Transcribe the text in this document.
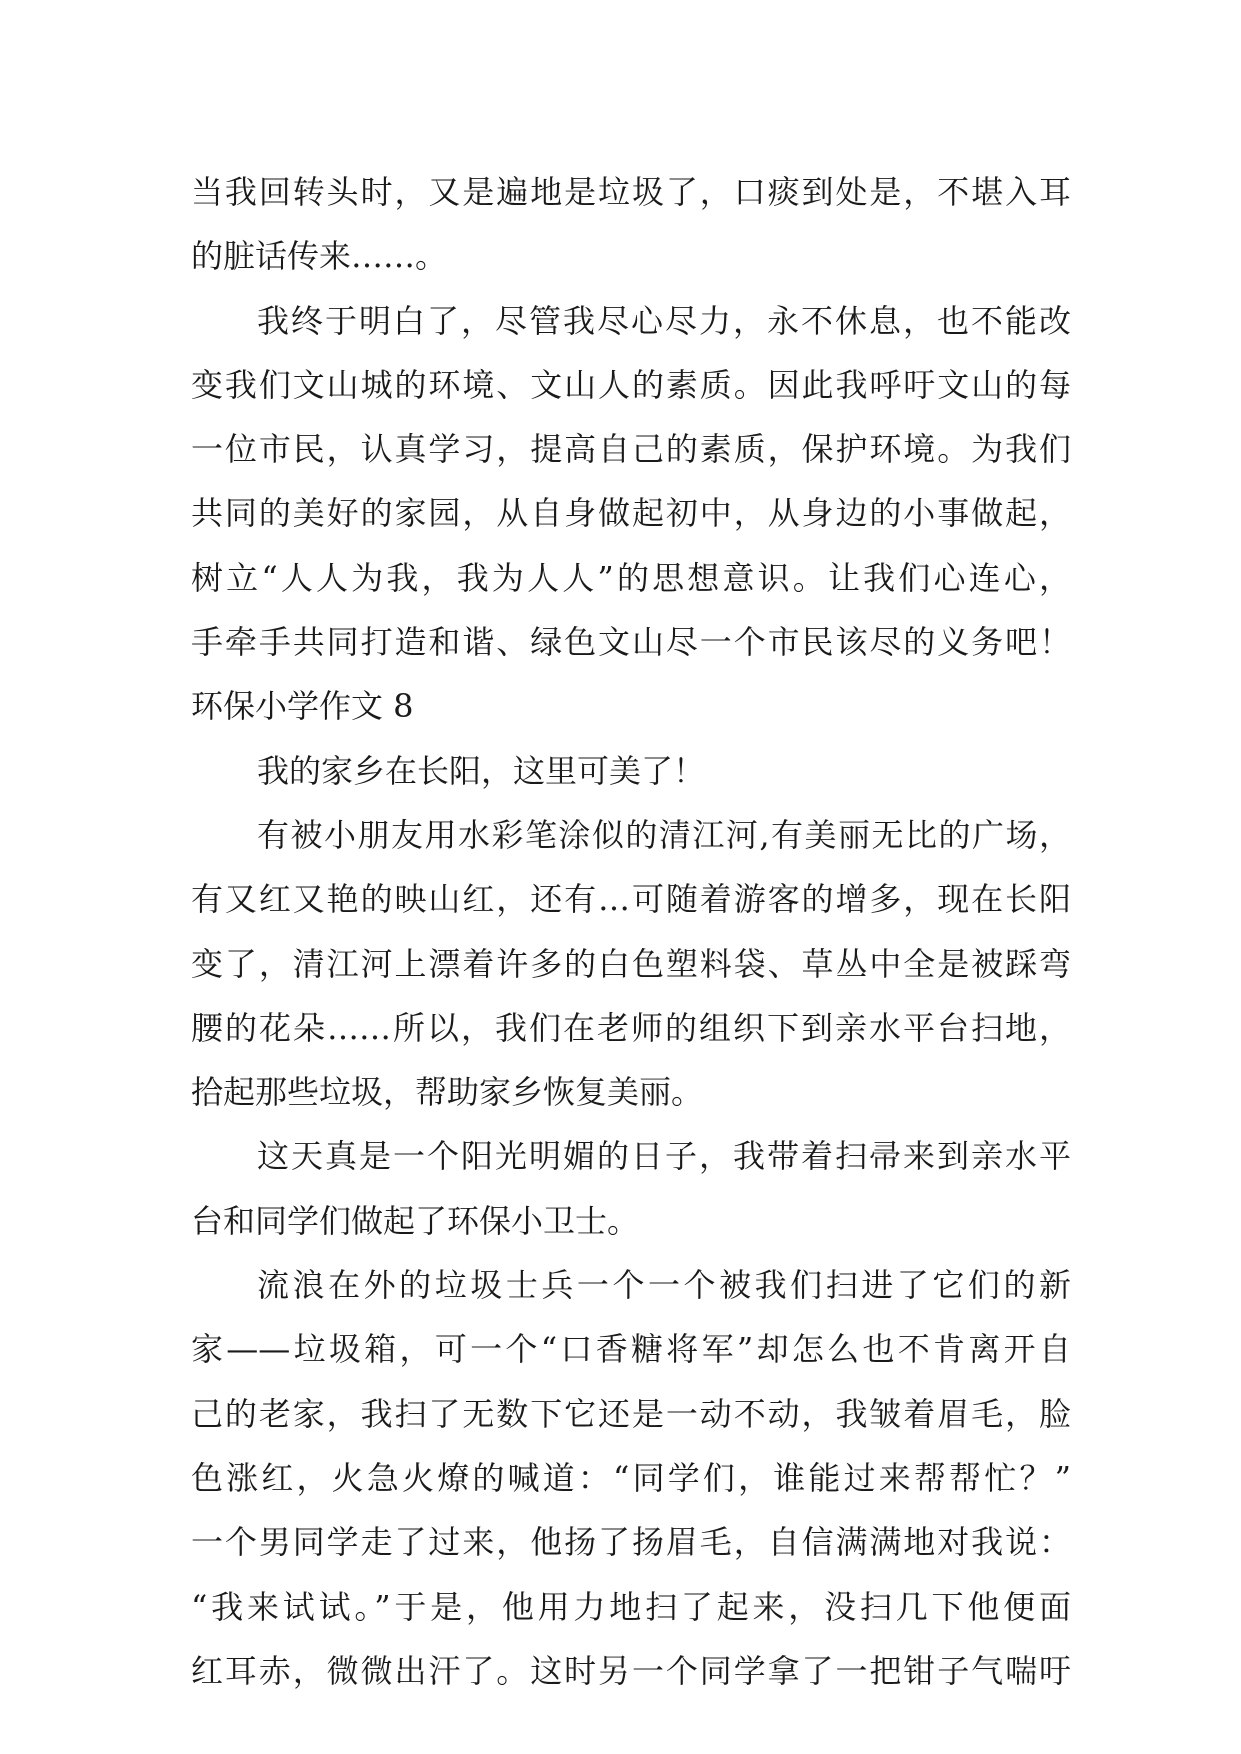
当我回转头时，又是遍地是垃圾了，口痰到处是，不堪入耳
的脏话传来……。
我终于明白了，尽管我尽心尽力，永不休息，也不能改
变我们文山城的环境、文山人的素质。因此我呼吁文山的每
一位市民，认真学习，提高自己的素质，保护环境。为我们
共同的美好的家园，从自身做起初中，从身边的小事做起，
树立“人人为我，我为人人”的思想意识。让我们心连心，
手牵手共同打造和谐、绿色文山尽一个市民该尽的义务吧！
环保小学作文 8
我的家乡在长阳，这里可美了！
有被小朋友用水彩笔涂似的清江河,有美丽无比的广场，
有又红又艳的映山红，还有…可随着游客的增多，现在长阳
变了，清江河上漂着许多的白色塑料袋、草丛中全是被踩弯
腰的花朵……所以，我们在老师的组织下到亲水平台扫地，
拾起那些垃圾，帮助家乡恢复美丽。
这天真是一个阳光明媚的日子，我带着扫帚来到亲水平
台和同学们做起了环保小卫士。
流浪在外的垃圾士兵一个一个被我们扫进了它们的新
家——垃圾箱，可一个“口香糖将军”却怎么也不肯离开自
己的老家，我扫了无数下它还是一动不动，我皱着眉毛，脸
色涨红，火急火燎的喊道：“同学们，谁能过来帮帮忙？”
一个男同学走了过来，他扬了扬眉毛，自信满满地对我说：
“我来试试。”于是，他用力地扫了起来，没扫几下他便面
红耳赤，微微出汗了。这时另一个同学拿了一把钳子气喘吁
